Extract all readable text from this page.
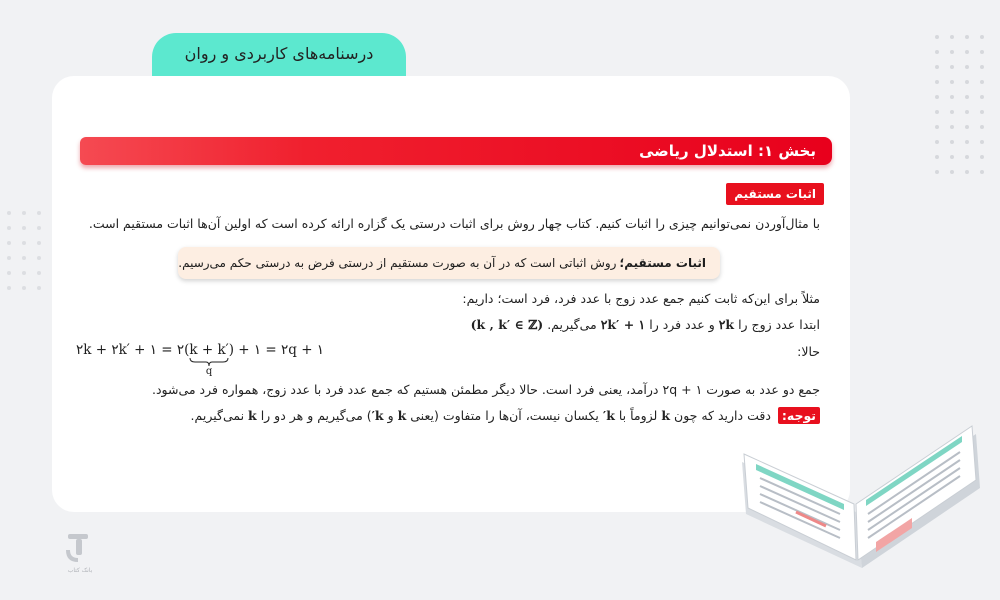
درسنامه‌های کاربردی و روان
بخش ۱: استدلال ریاضی
اثبات مستقیم
با مثال‌آوردن نمی‌توانیم چیزی را اثبات کنیم. کتاب چهار روش برای اثبات درستی یک گزاره ارائه کرده است که اولین آن‌ها اثبات مستقیم است.
اثبات مستقیم؛
روش اثباتی است که در آن به صورت مستقیم از درستی فرض به درستی حکم می‌رسیم.
مثلاً برای این‌که ثابت کنیم جمع عدد زوج با عدد فرد، فرد است؛ داریم:
ابتدا عدد زوج را ۲k و عدد فرد را ۲k′ + ۱ می‌گیریم. (k , k′ ∈ ℤ)
حالا:
۲k + ۲k′ + ۱ = ۲(k + k′
q
) + ۱ = ۲q + ۱
جمع دو عدد به صورت ۱ + ۲q درآمد، یعنی فرد است. حالا دیگر مطمئن هستیم که جمع عدد فرد با عدد زوج، همواره فرد می‌شود.
توجه: دقت دارید که چون k لزوماً با k′ یکسان نیست، آن‌ها را متفاوت (یعنی k و k′) می‌گیریم و هر دو را k نمی‌گیریم.
بانک کتاب
